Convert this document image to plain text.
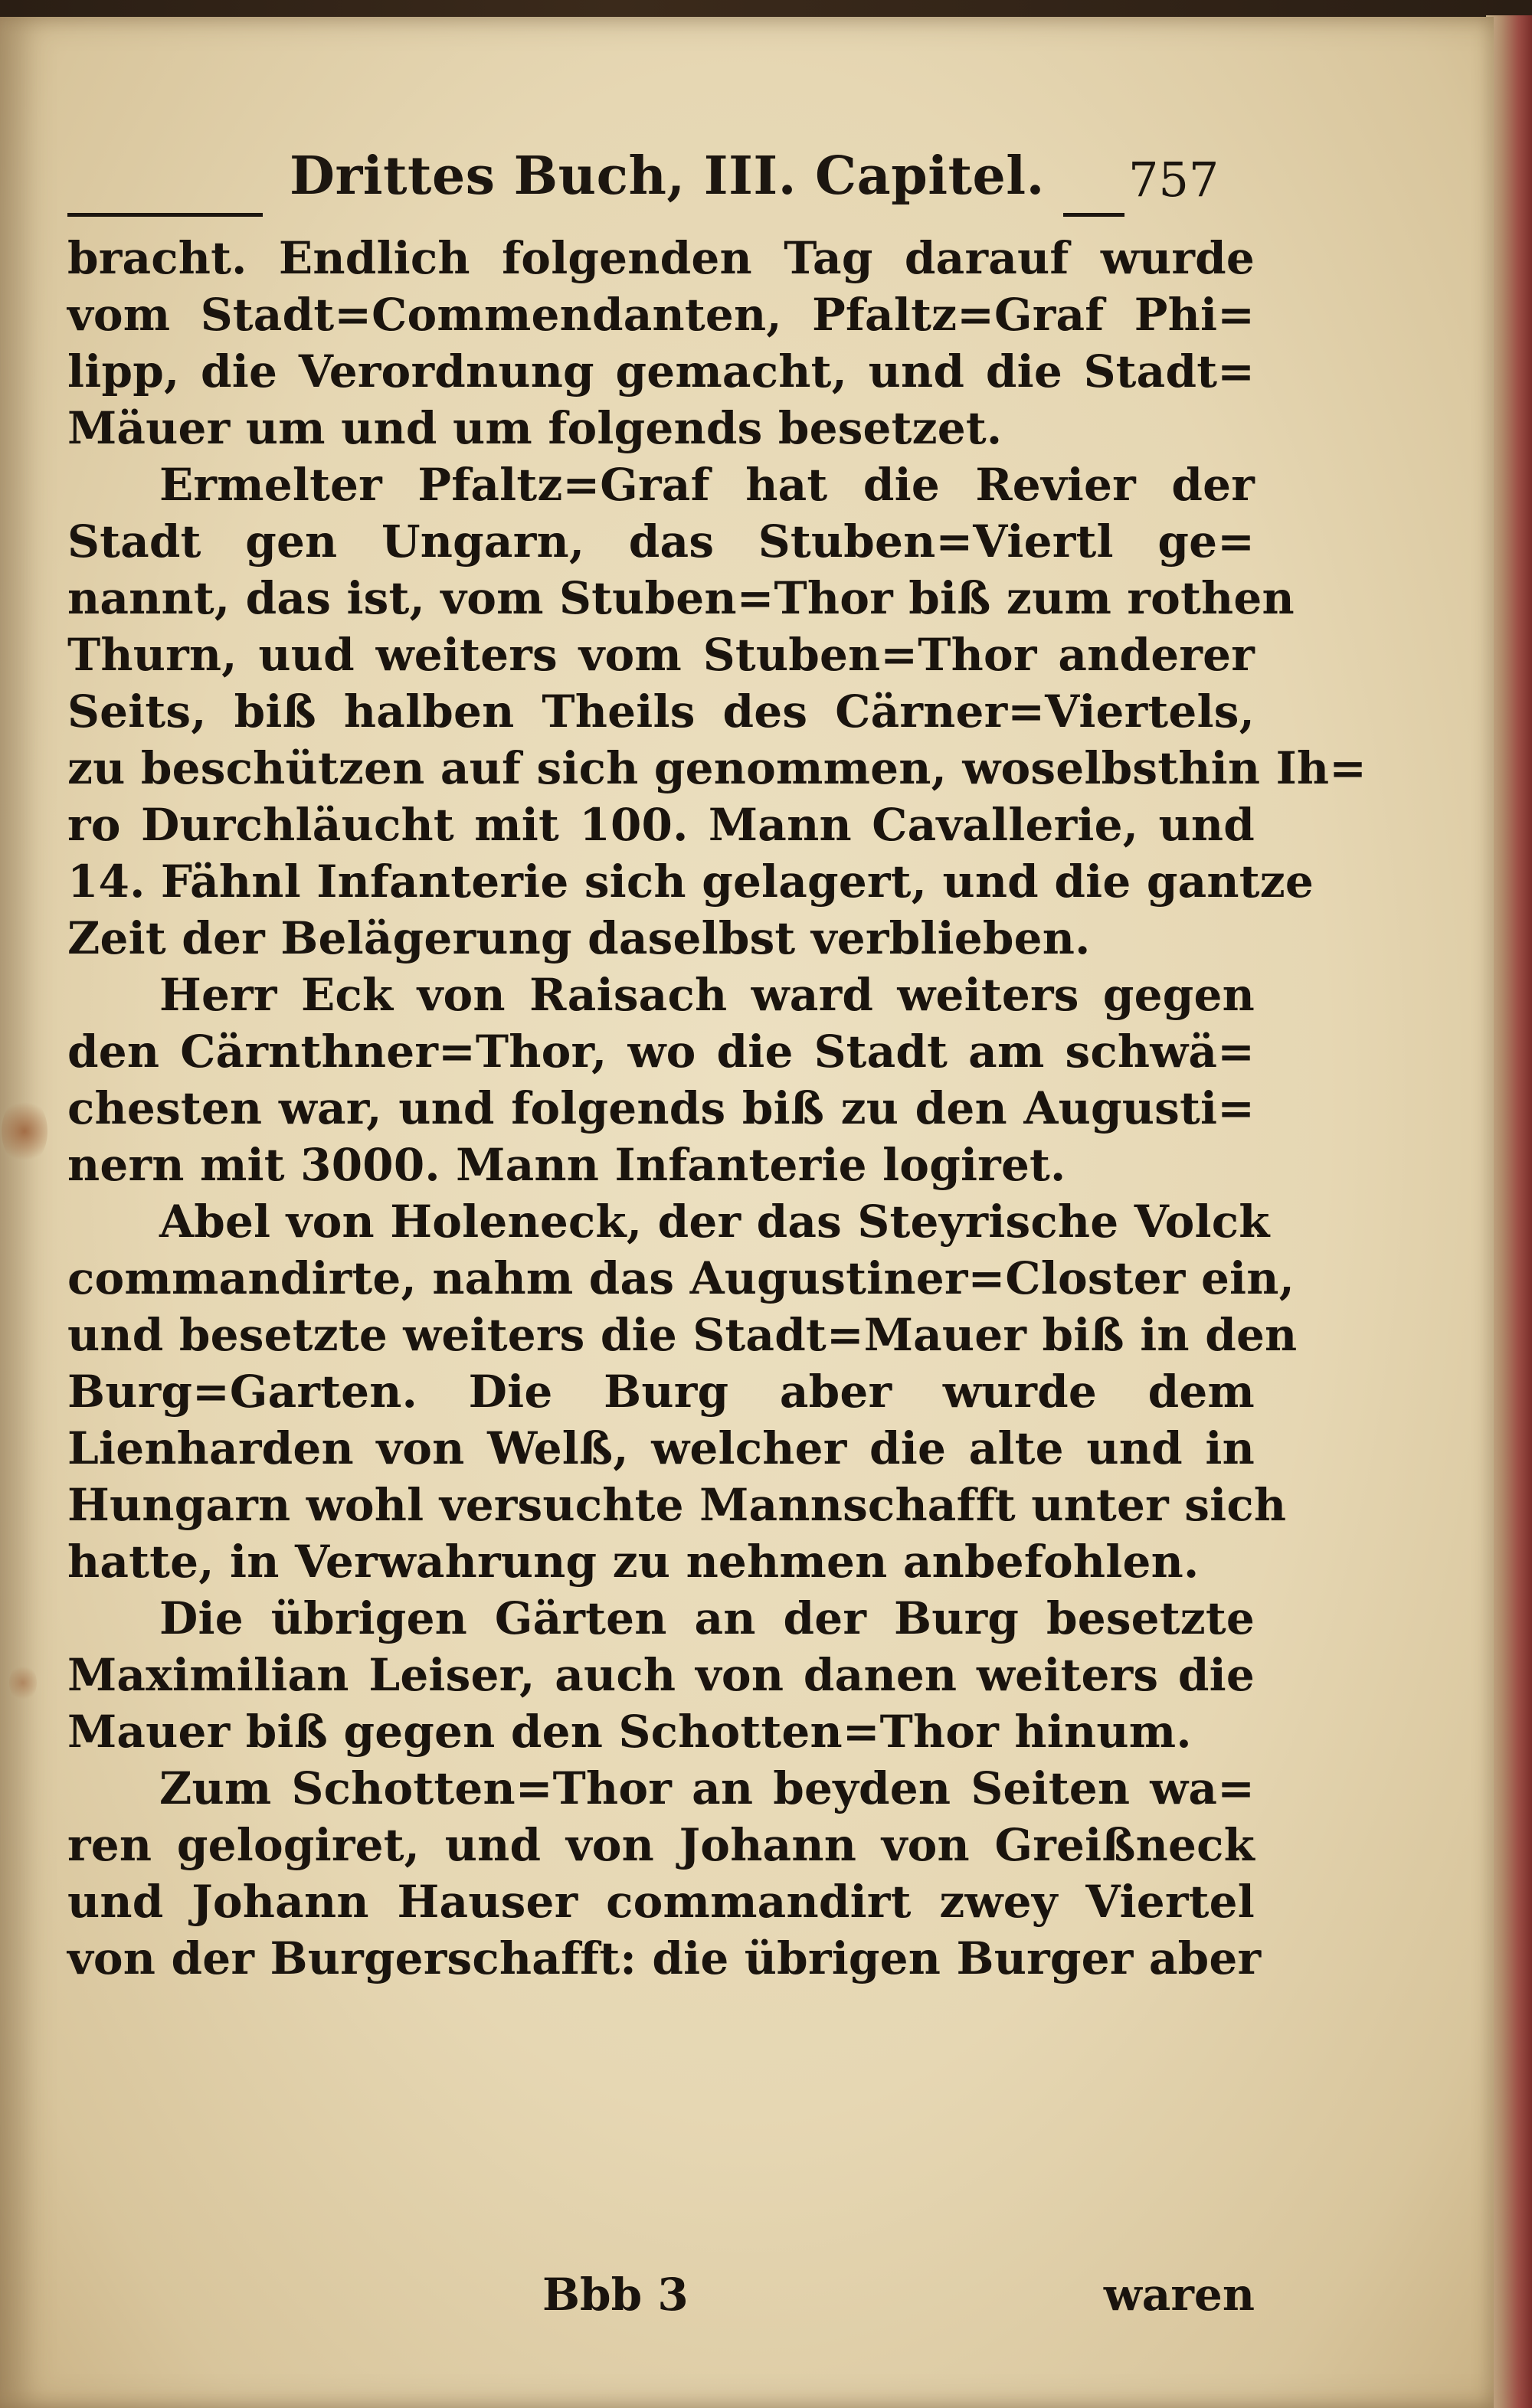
Drittes Buch, III. Capitel. 757
bracht. Endlich folgenden Tag darauf wurde
vom Stadt=Commendanten, Pfaltz=Graf Phi=
lipp, die Verordnung gemacht, und die Stadt=
Mäuer um und um folgends besetzet.
Ermelter Pfaltz=Graf hat die Revier der
Stadt gen Ungarn, das Stuben=Viertl ge=
nannt, das ist, vom Stuben=Thor biß zum rothen
Thurn, uud weiters vom Stuben=Thor anderer
Seits, biß halben Theils des Cärner=Viertels,
zu beschützen auf sich genommen, woselbsthin Ih=
ro Durchläucht mit 100. Mann Cavallerie, und
14. Fähnl Infanterie sich gelagert, und die gantze
Zeit der Belägerung daselbst verblieben.
Herr Eck von Raisach ward weiters gegen
den Cärnthner=Thor, wo die Stadt am schwä=
chesten war, und folgends biß zu den Augusti=
nern mit 3000. Mann Infanterie logiret.
Abel von Holeneck, der das Steyrische Volck
commandirte, nahm das Augustiner=Closter ein,
und besetzte weiters die Stadt=Mauer biß in den
Burg=Garten. Die Burg aber wurde dem
Lienharden von Welß, welcher die alte und in
Hungarn wohl versuchte Mannschafft unter sich
hatte, in Verwahrung zu nehmen anbefohlen.
Die übrigen Gärten an der Burg besetzte
Maximilian Leiser, auch von danen weiters die
Mauer biß gegen den Schotten=Thor hinum.
Zum Schotten=Thor an beyden Seiten wa=
ren gelogiret, und von Johann von Greißneck
und Johann Hauser commandirt zwey Viertel
von der Burgerschafft: die übrigen Burger aber
Bbb 3	waren
